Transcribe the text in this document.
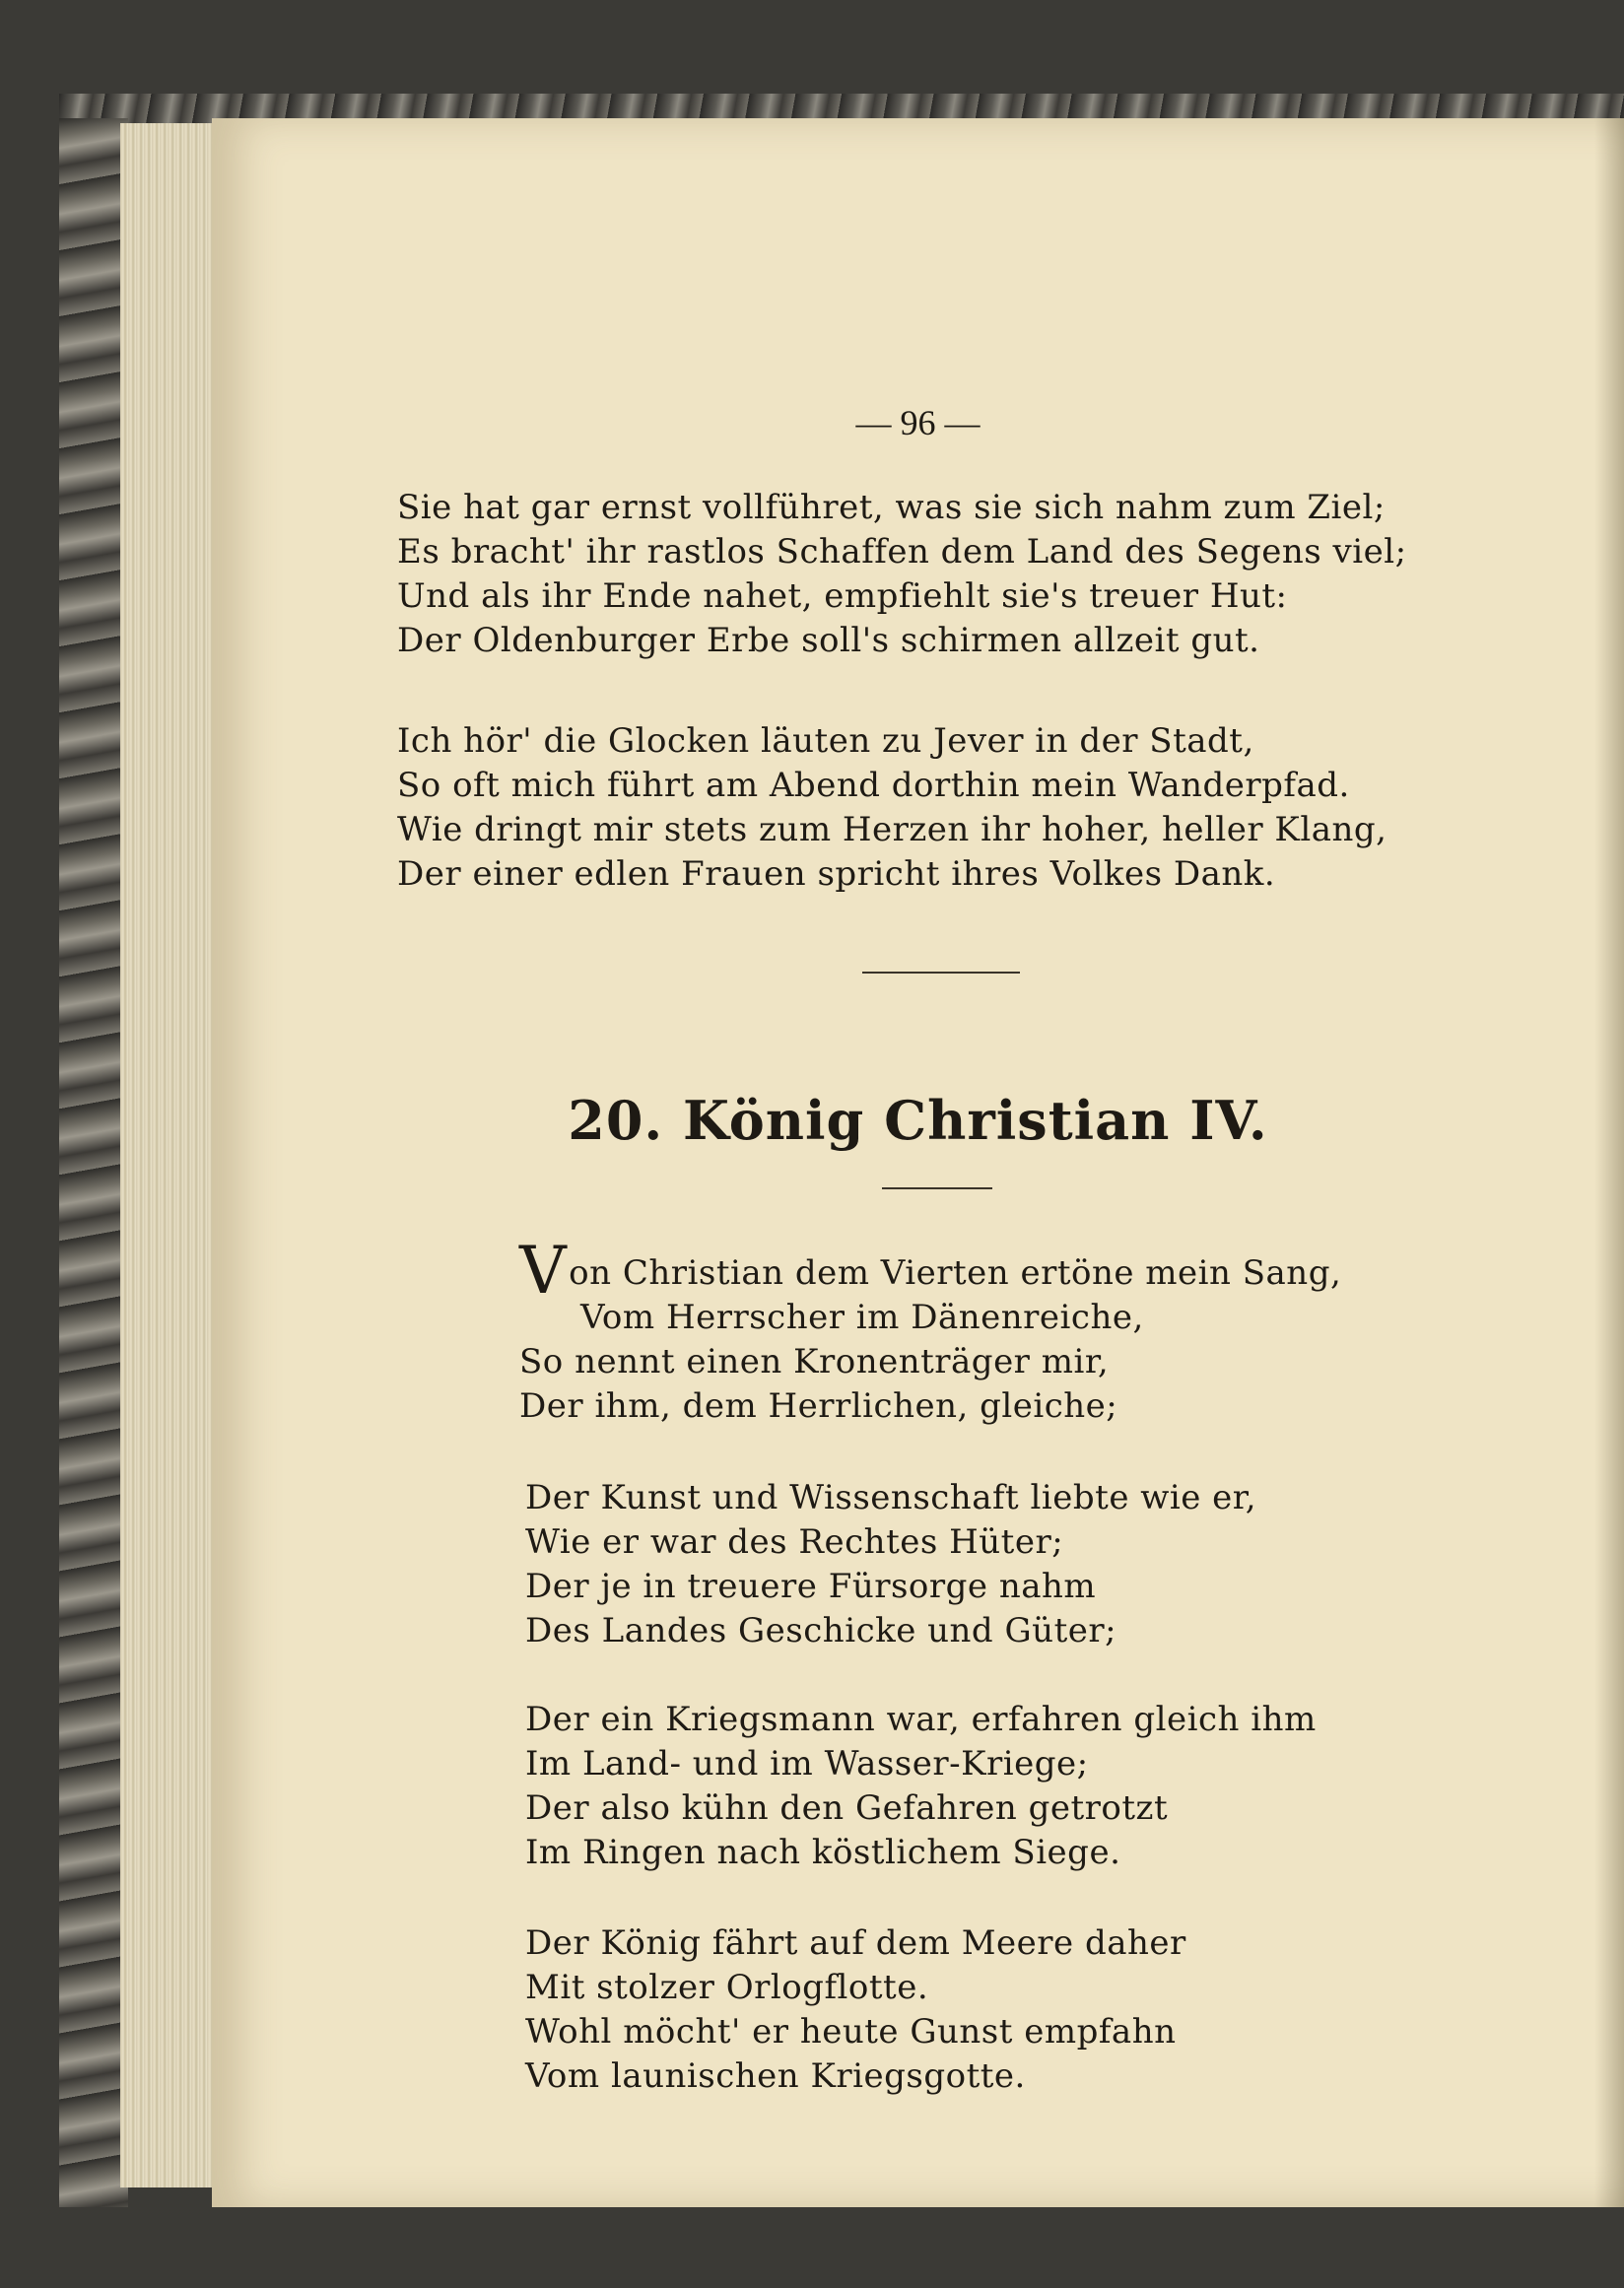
— 96 —
Sie hat gar ernst vollführet, was sie sich nahm zum Ziel;
Es bracht' ihr rastlos Schaffen dem Land des Segens viel;
Und als ihr Ende nahet, empfiehlt sie's treuer Hut:
Der Oldenburger Erbe soll's schirmen allzeit gut.
Ich hör' die Glocken läuten zu Jever in der Stadt,
So oft mich führt am Abend dorthin mein Wanderpfad.
Wie dringt mir stets zum Herzen ihr hoher, heller Klang,
Der einer edlen Frauen spricht ihres Volkes Dank.
20. König Christian IV.
Von Christian dem Vierten ertöne mein Sang,
Vom Herrscher im Dänenreiche,
So nennt einen Kronenträger mir,
Der ihm, dem Herrlichen, gleiche;
Der Kunst und Wissenschaft liebte wie er,
Wie er war des Rechtes Hüter;
Der je in treuere Fürsorge nahm
Des Landes Geschicke und Güter;
Der ein Kriegsmann war, erfahren gleich ihm
Im Land- und im Wasser-Kriege;
Der also kühn den Gefahren getrotzt
Im Ringen nach köstlichem Siege.
Der König fährt auf dem Meere daher
Mit stolzer Orlogflotte.
Wohl möcht' er heute Gunst empfahn
Vom launischen Kriegsgotte.
